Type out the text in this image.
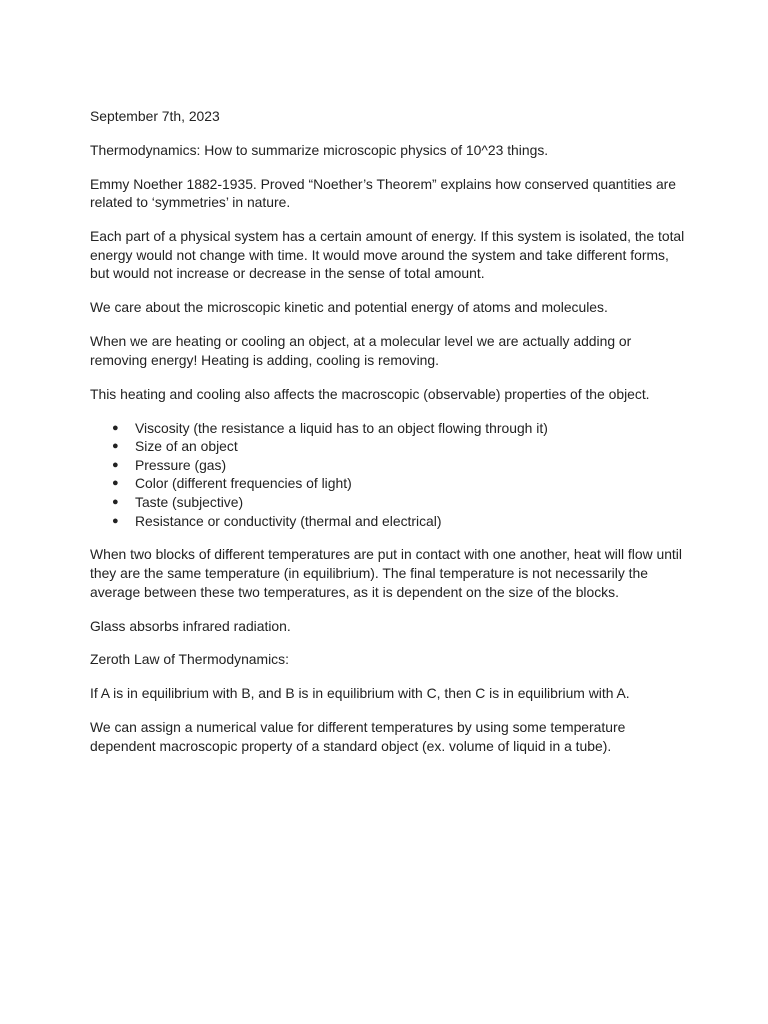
September 7th, 2023

Thermodynamics: How to summarize microscopic physics of 10^23 things.

Emmy Noether 1882-1935. Proved “Noether’s Theorem” explains how conserved quantities are related to ‘symmetries’ in nature.

Each part of a physical system has a certain amount of energy. If this system is isolated, the total energy would not change with time. It would move around the system and take different forms, but would not increase or decrease in the sense of total amount.

We care about the microscopic kinetic and potential energy of atoms and molecules.

When we are heating or cooling an object, at a molecular level we are actually adding or removing energy! Heating is adding, cooling is removing.

This heating and cooling also affects the macroscopic (observable) properties of the object.

● Viscosity (the resistance a liquid has to an object flowing through it)
● Size of an object
● Pressure (gas)
● Color (different frequencies of light)
● Taste (subjective)
● Resistance or conductivity (thermal and electrical)

When two blocks of different temperatures are put in contact with one another, heat will flow until they are the same temperature (in equilibrium). The final temperature is not necessarily the average between these two temperatures, as it is dependent on the size of the blocks.

Glass absorbs infrared radiation.

Zeroth Law of Thermodynamics:

If A is in equilibrium with B, and B is in equilibrium with C, then C is in equilibrium with A.

We can assign a numerical value for different temperatures by using some temperature dependent macroscopic property of a standard object (ex. volume of liquid in a tube).
